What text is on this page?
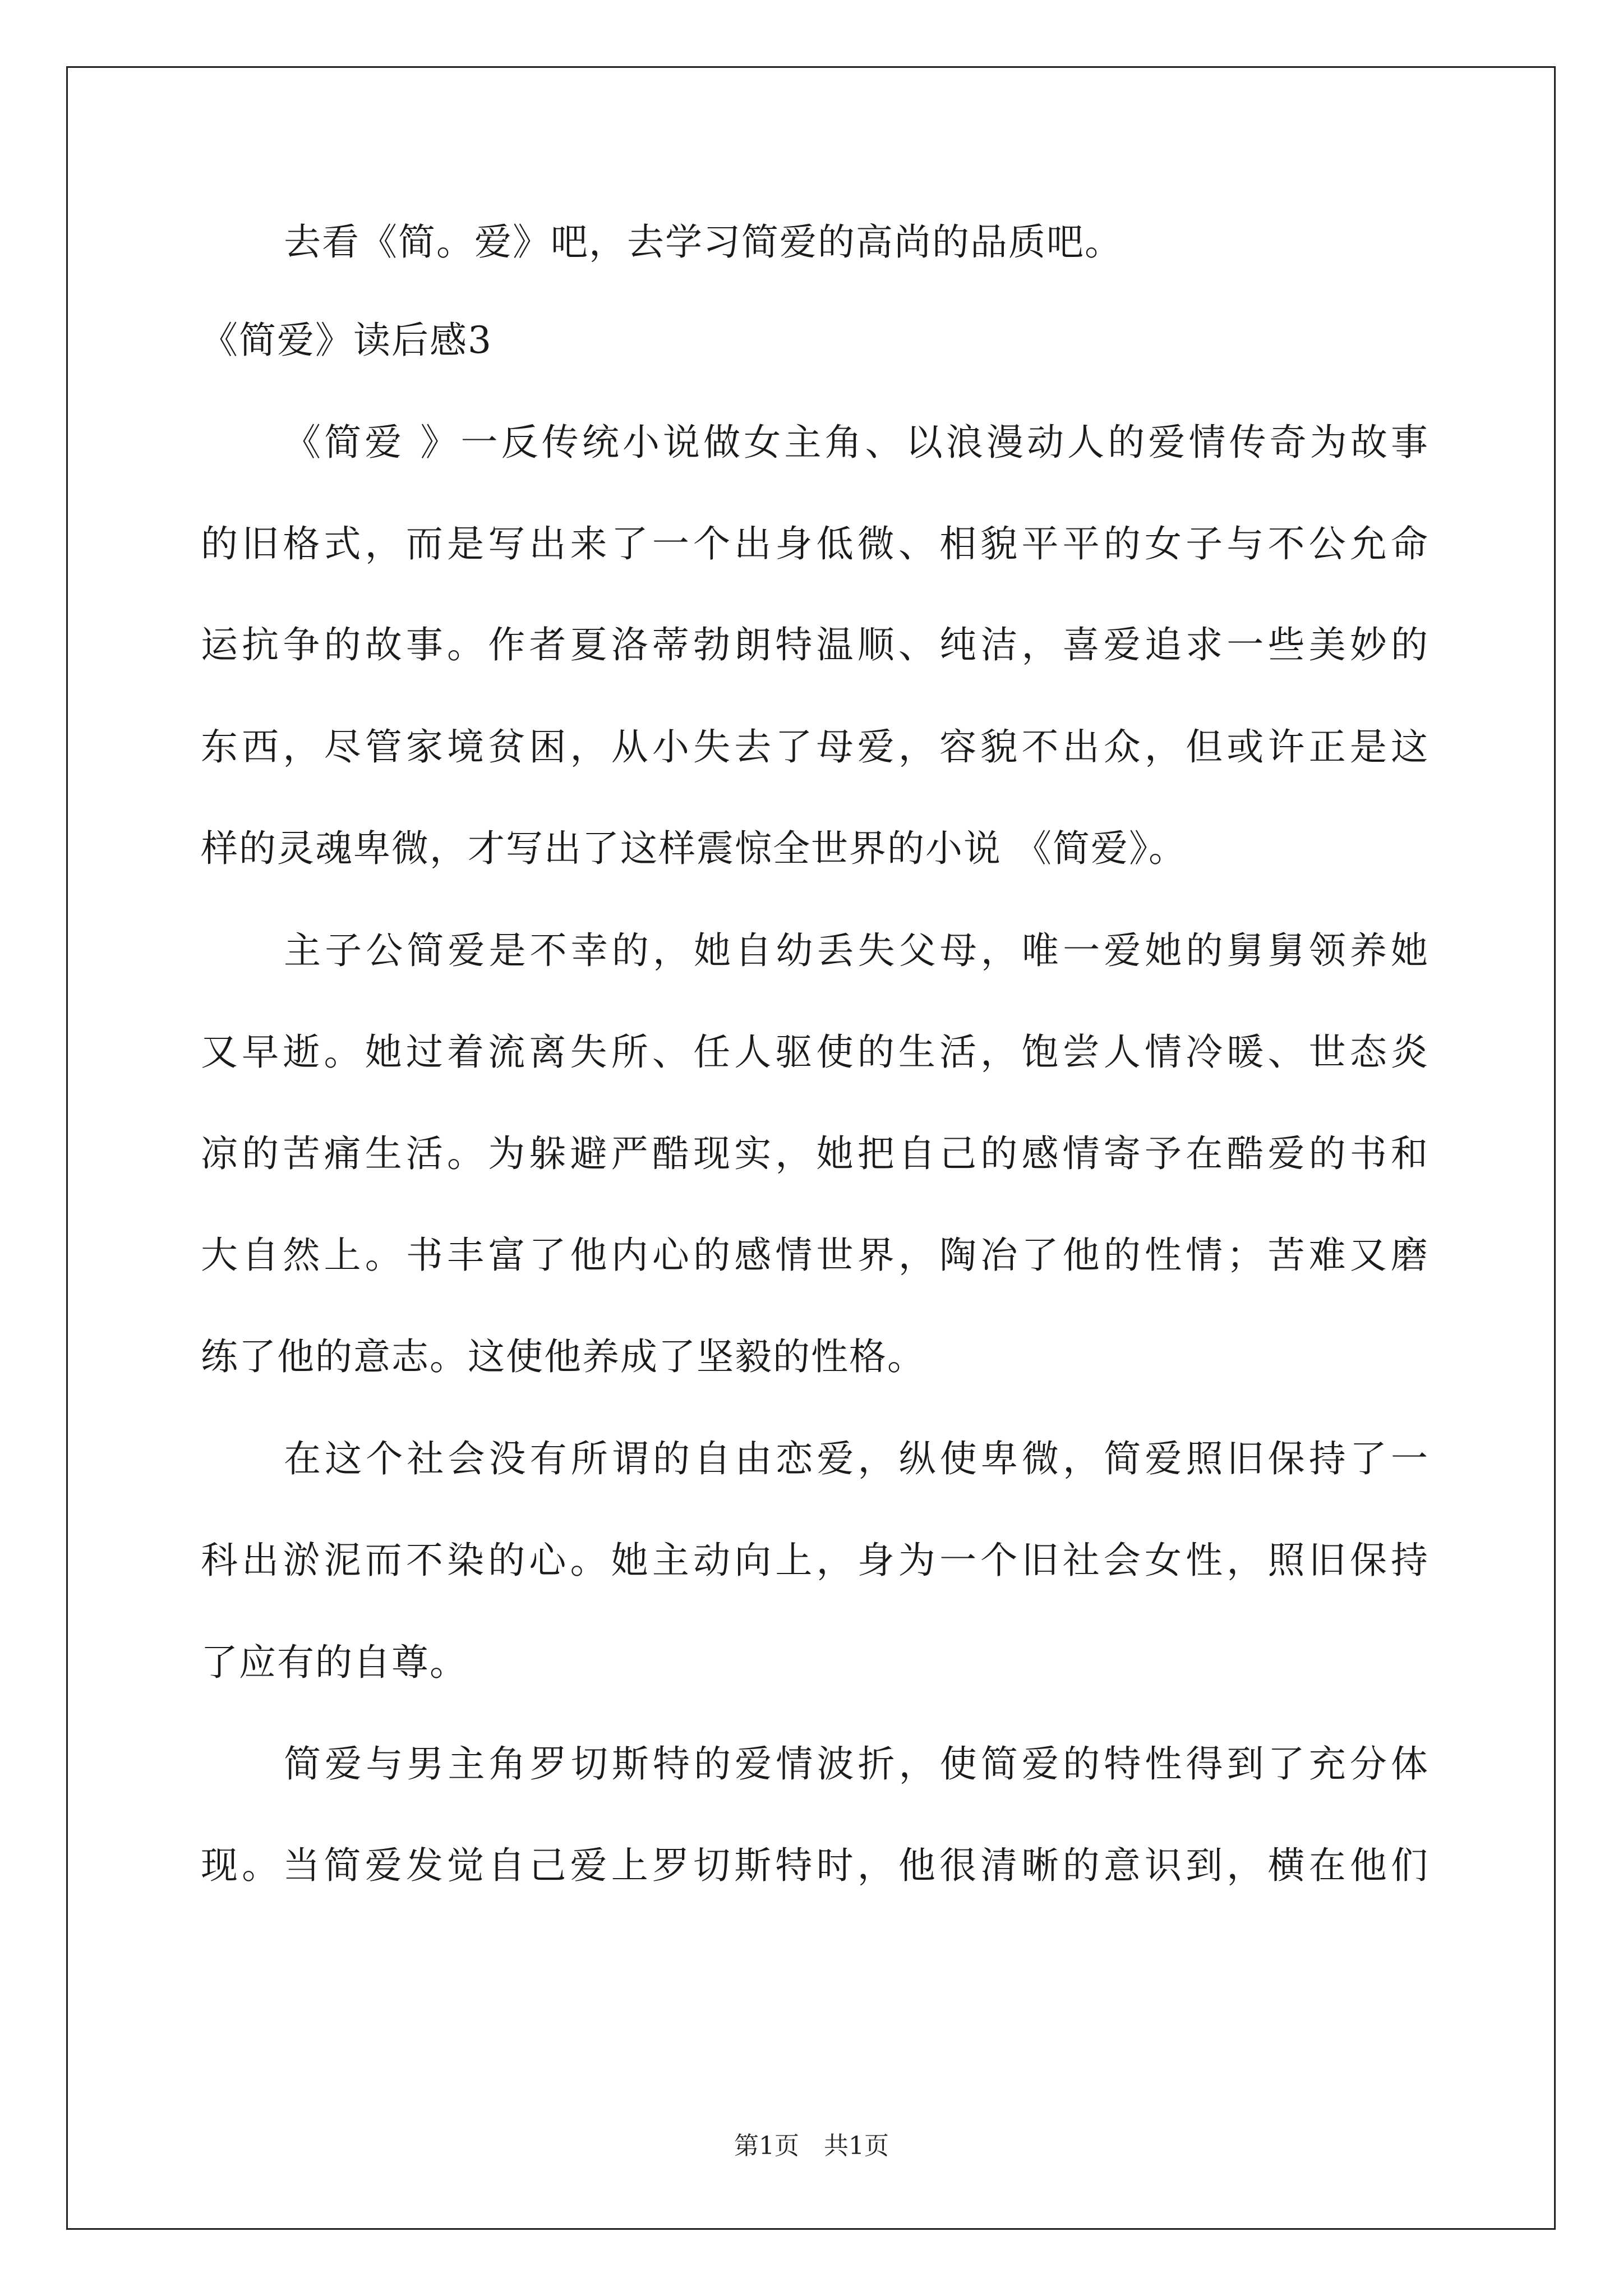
去看《简。爱》吧，去学习简爱的高尚的品质吧。
《简爱》读后感3
《简爱 》一反传统小说做女主角、以浪漫动人的爱情传奇为故事
的旧格式，而是写出来了一个出身低微、相貌平平的女子与不公允命
运抗争的故事。作者夏洛蒂勃朗特温顺、纯洁，喜爱追求一些美妙的
东西，尽管家境贫困，从小失去了母爱，容貌不出众，但或许正是这
样的灵魂卑微，才写出了这样震惊全世界的小说 《简爱》。
主子公简爱是不幸的，她自幼丢失父母，唯一爱她的舅舅领养她
又早逝。她过着流离失所、任人驱使的生活，饱尝人情冷暖、世态炎
凉的苦痛生活。为躲避严酷现实，她把自己的感情寄予在酷爱的书和
大自然上。书丰富了他内心的感情世界，陶冶了他的性情；苦难又磨
练了他的意志。这使他养成了坚毅的性格。
在这个社会没有所谓的自由恋爱，纵使卑微，简爱照旧保持了一
科出淤泥而不染的心。她主动向上，身为一个旧社会女性，照旧保持
了应有的自尊。
简爱与男主角罗切斯特的爱情波折，使简爱的特性得到了充分体
现。当简爱发觉自己爱上罗切斯特时，他很清晰的意识到，横在他们
第1页　共1页
